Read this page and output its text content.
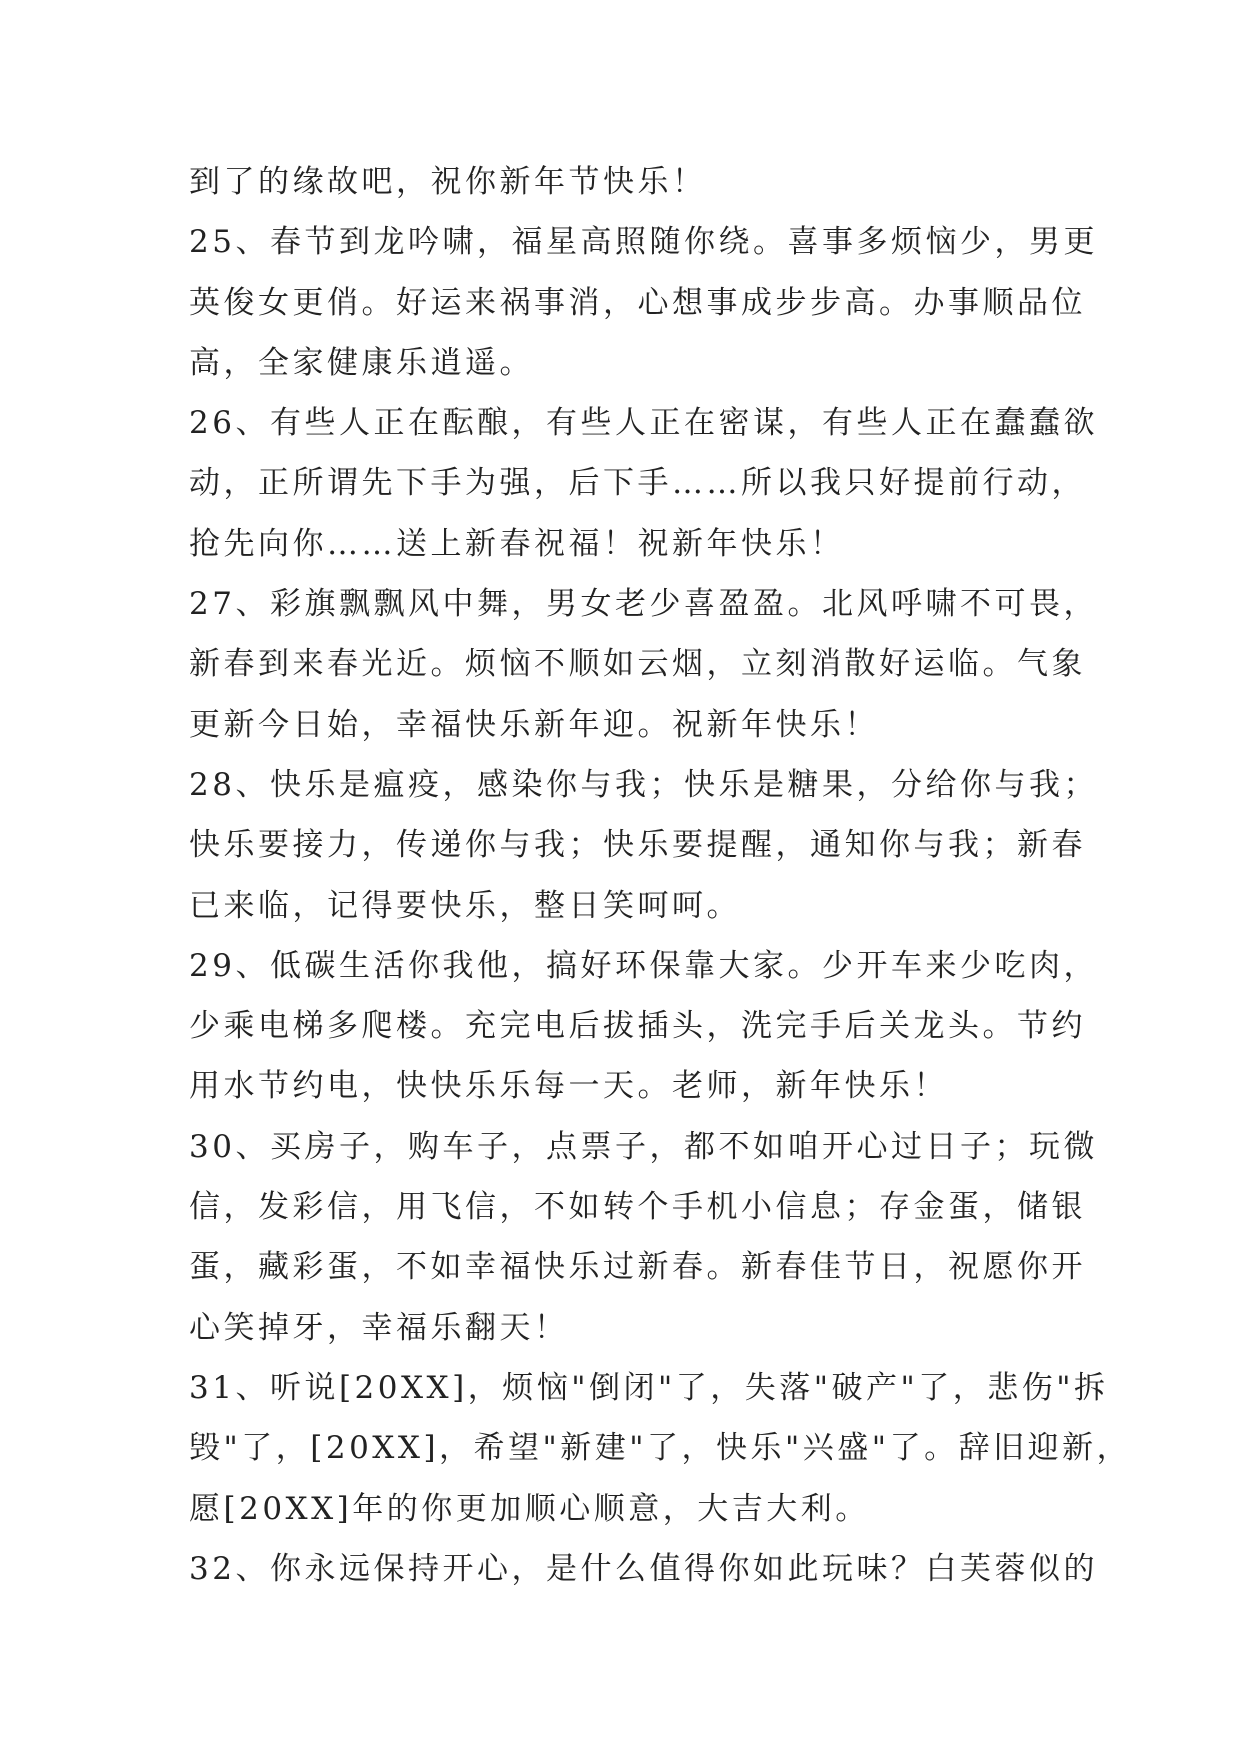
到了的缘故吧，祝你新年节快乐！
25、春节到龙吟啸，福星高照随你绕。喜事多烦恼少，男更
英俊女更俏。好运来祸事消，心想事成步步高。办事顺品位
高，全家健康乐逍遥。
26、有些人正在酝酿，有些人正在密谋，有些人正在蠢蠢欲
动，正所谓先下手为强，后下手……所以我只好提前行动，
抢先向你……送上新春祝福！祝新年快乐！
27、彩旗飘飘风中舞，男女老少喜盈盈。北风呼啸不可畏，
新春到来春光近。烦恼不顺如云烟，立刻消散好运临。气象
更新今日始，幸福快乐新年迎。祝新年快乐！
28、快乐是瘟疫，感染你与我；快乐是糖果，分给你与我；
快乐要接力，传递你与我；快乐要提醒，通知你与我；新春
已来临，记得要快乐，整日笑呵呵。
29、低碳生活你我他，搞好环保靠大家。少开车来少吃肉，
少乘电梯多爬楼。充完电后拔插头，洗完手后关龙头。节约
用水节约电，快快乐乐每一天。老师，新年快乐！
30、买房子，购车子，点票子，都不如咱开心过日子；玩微
信，发彩信，用飞信，不如转个手机小信息；存金蛋，储银
蛋，藏彩蛋，不如幸福快乐过新春。新春佳节日，祝愿你开
心笑掉牙，幸福乐翻天！
31、听说[20XX]，烦恼"倒闭"了，失落"破产"了，悲伤"拆
毁"了，[20XX]，希望"新建"了，快乐"兴盛"了。辞旧迎新，
愿[20XX]年的你更加顺心顺意，大吉大利。
32、你永远保持开心，是什么值得你如此玩味？白芙蓉似的
